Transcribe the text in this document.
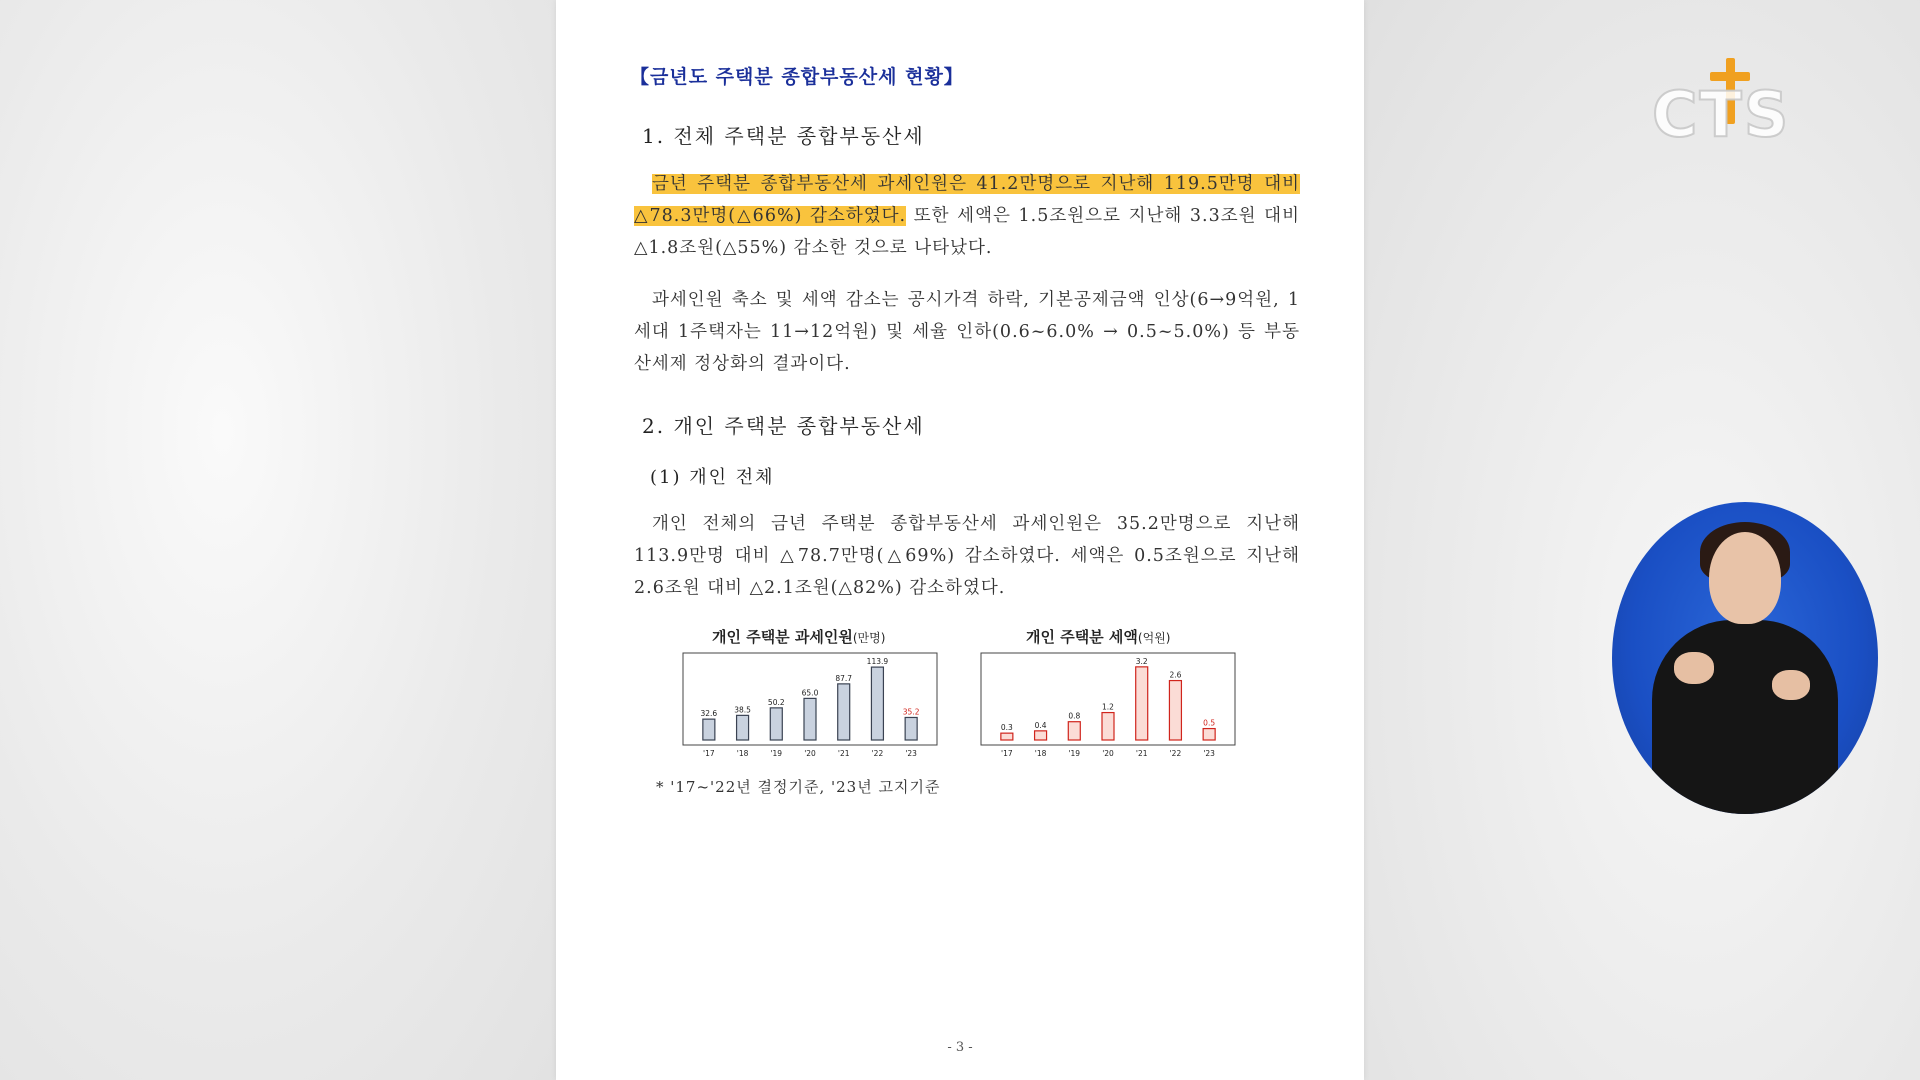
【금년도 주택분 종합부동산세 현황】
1. 전체 주택분 종합부동산세
금년 주택분 종합부동산세 과세인원은 41.2만명으로 지난해 119.5만명 대비 △78.3만명(△66%) 감소하였다. 또한 세액은 1.5조원으로 지난해 3.3조원 대비 △1.8조원(△55%) 감소한 것으로 나타났다.
과세인원 축소 및 세액 감소는 공시가격 하락, 기본공제금액 인상(6→9억원, 1세대 1주택자는 11→12억원) 및 세율 인하(0.6~6.0% → 0.5~5.0%) 등 부동산세제 정상화의 결과이다.
2. 개인 주택분 종합부동산세
(1) 개인 전체
개인 전체의 금년 주택분 종합부동산세 과세인원은 35.2만명으로 지난해 113.9만명 대비 △78.7만명(△69%) 감소하였다. 세액은 0.5조원으로 지난해 2.6조원 대비 △2.1조원(△82%) 감소하였다.
개인 주택분 과세인원(만명)
32.6
'17
38.5
'18
50.2
'19
65.0
'20
87.7
'21
113.9
'22
35.2
'23
개인 주택분 세액(억원)
0.3
'17
0.4
'18
0.8
'19
1.2
'20
3.2
'21
2.6
'22
0.5
'23
* '17~'22년 결정기준, '23년 고지기준
- 3 -
CTS
